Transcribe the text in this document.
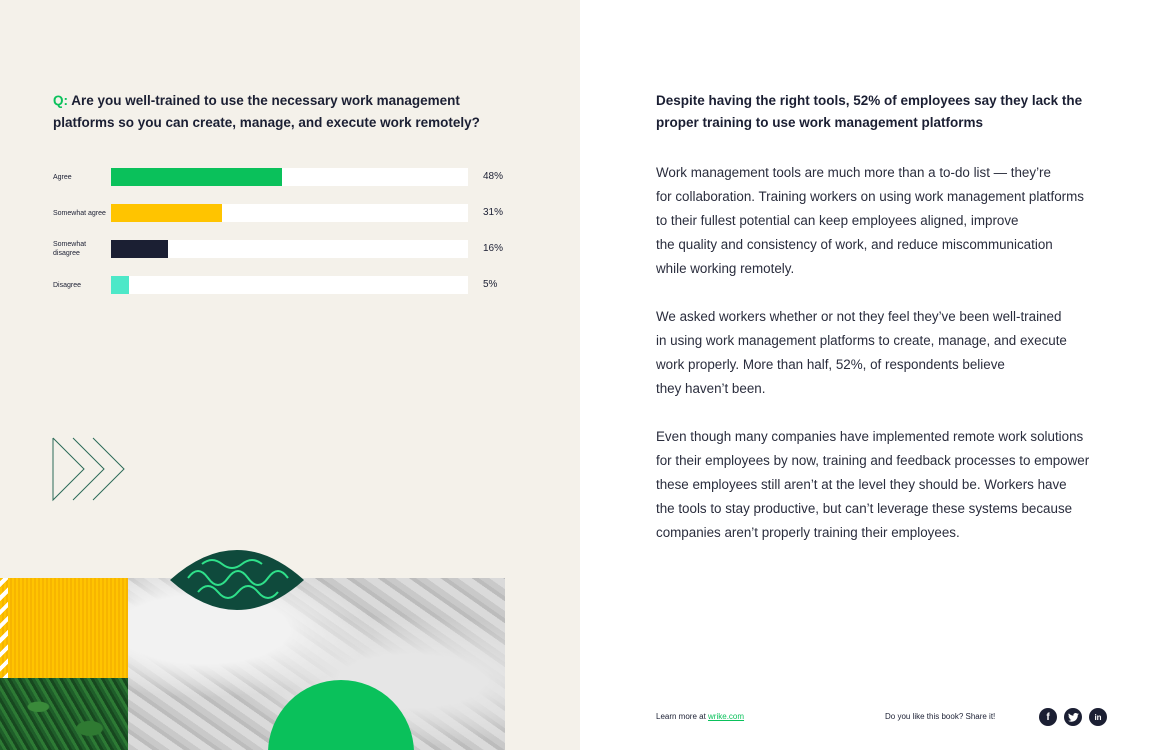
Q: Are you well-trained to use the necessary work management platforms so you can create, manage, and execute work remotely?
Agree	48%
Somewhat agree	31%
Somewhat disagree	16%
Disagree	5%
Despite having the right tools, 52% of employees say they lack the proper training to use work management platforms

Work management tools are much more than a to-do list — they’re
for collaboration. Training workers on using work management platforms
to their fullest potential can keep employees aligned, improve
the quality and consistency of work, and reduce miscommunication
while working remotely.

We asked workers whether or not they feel they’ve been well-trained
in using work management platforms to create, manage, and execute
work properly. More than half, 52%, of respondents believe
they haven’t been.

Even though many companies have implemented remote work solutions
for their employees by now, training and feedback processes to empower
these employees still aren’t at the level they should be. Workers have
the tools to stay productive, but can’t leverage these systems because
companies aren’t properly training their employees.

Learn more at wrike.com	Do you like this book? Share it!	f	in
